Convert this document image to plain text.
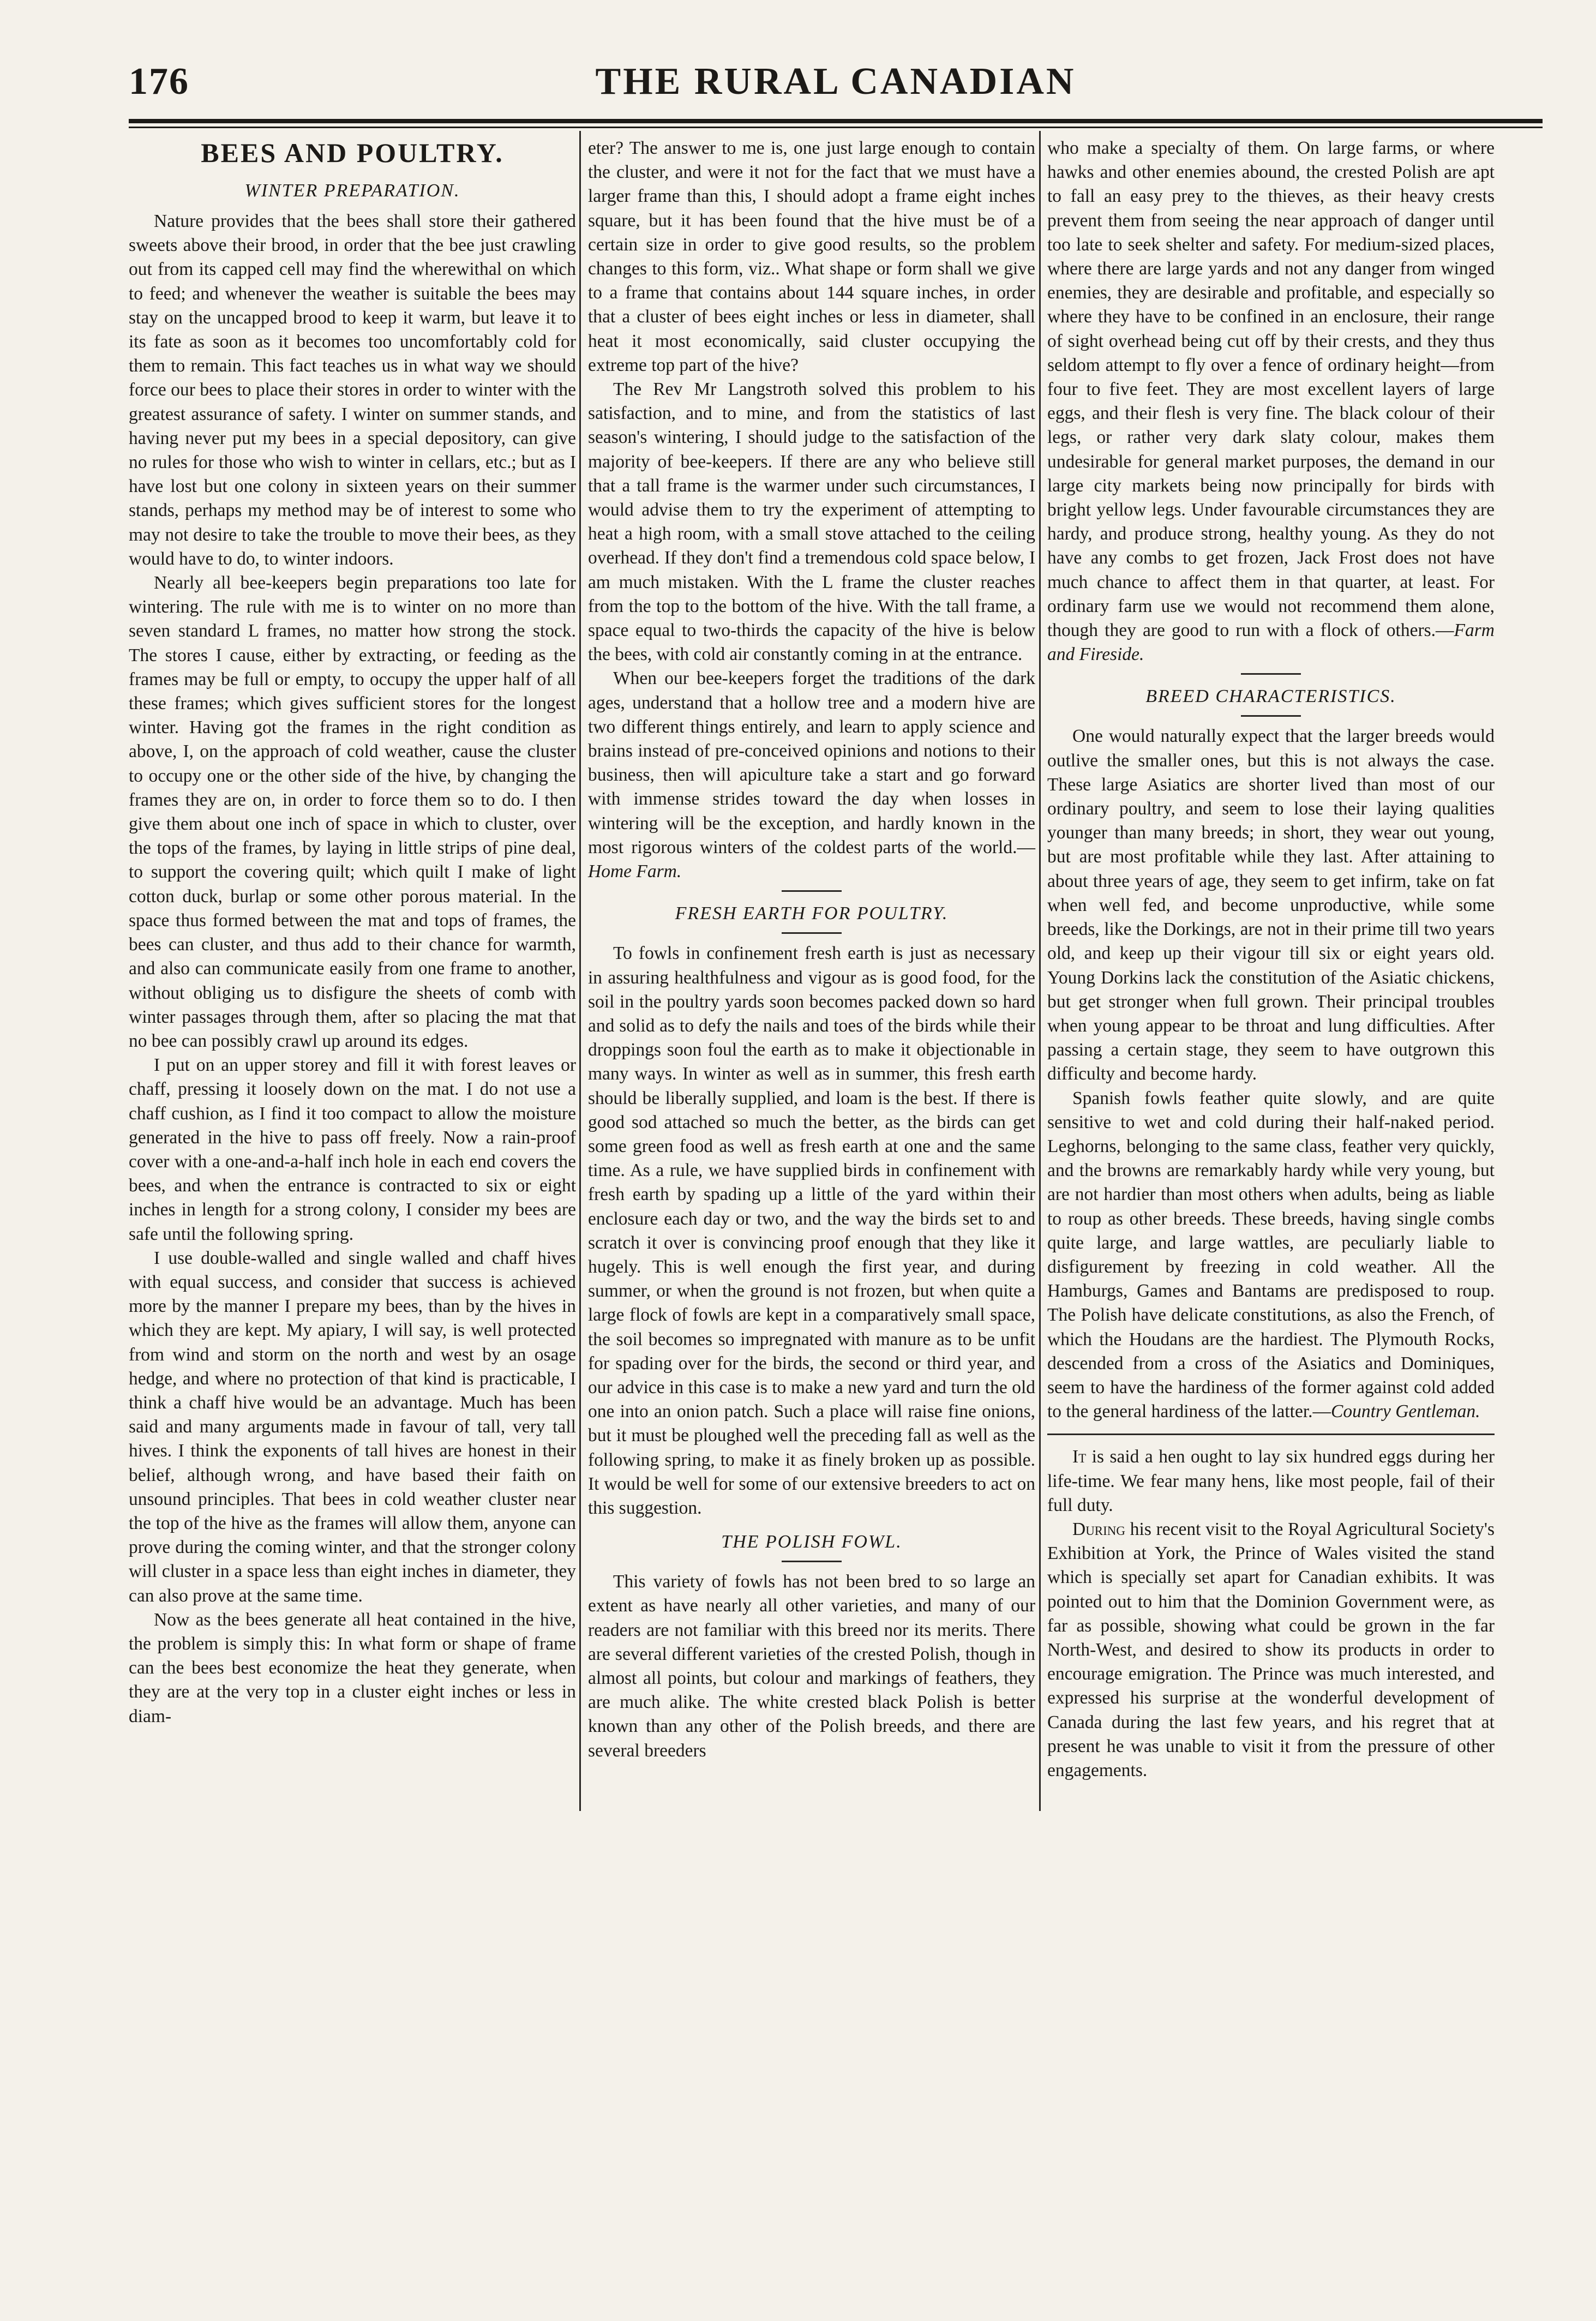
176	THE RURAL CANADIAN
BEES AND POULTRY.
WINTER PREPARATION.

Nature provides that the bees shall store their gathered sweets above their brood, in order that the bee just crawling out from its capped cell may find the wherewithal on which to feed; and whenever the weather is suitable the bees may stay on the uncapped brood to keep it warm, but leave it to its fate as soon as it becomes too uncomfortably cold for them to remain. This fact teaches us in what way we should force our bees to place their stores in order to winter with the greatest assurance of safety. I winter on summer stands, and having never put my bees in a special depository, can give no rules for those who wish to winter in cellars, etc.; but as I have lost but one colony in sixteen years on their summer stands, perhaps my method may be of interest to some who may not desire to take the trouble to move their bees, as they would have to do, to winter indoors.

Nearly all bee-keepers begin preparations too late for wintering. The rule with me is to winter on no more than seven standard L frames, no matter how strong the stock. The stores I cause, either by extracting, or feeding as the frames may be full or empty, to occupy the upper half of all these frames; which gives sufficient stores for the longest winter. Having got the frames in the right condition as above, I, on the approach of cold weather, cause the cluster to occupy one or the other side of the hive, by changing the frames they are on, in order to force them so to do. I then give them about one inch of space in which to cluster, over the tops of the frames, by laying in little strips of pine deal, to support the covering quilt; which quilt I make of light cotton duck, burlap or some other porous material. In the space thus formed between the mat and tops of frames, the bees can cluster, and thus add to their chance for warmth, and also can communicate easily from one frame to another, without obliging us to disfigure the sheets of comb with winter passages through them, after so placing the mat that no bee can possibly crawl up around its edges.

I put on an upper storey and fill it with forest leaves or chaff, pressing it loosely down on the mat. I do not use a chaff cushion, as I find it too compact to allow the moisture generated in the hive to pass off freely. Now a rain-proof cover with a one-and-a-half inch hole in each end covers the bees, and when the entrance is contracted to six or eight inches in length for a strong colony, I consider my bees are safe until the following spring.

I use double-walled and single walled and chaff hives with equal success, and consider that success is achieved more by the manner I prepare my bees, than by the hives in which they are kept. My apiary, I will say, is well protected from wind and storm on the north and west by an osage hedge, and where no protection of that kind is practicable, I think a chaff hive would be an advantage. Much has been said and many arguments made in favour of tall, very tall hives. I think the exponents of tall hives are honest in their belief, although wrong, and have based their faith on unsound principles. That bees in cold weather cluster near the top of the hive as the frames will allow them, anyone can prove during the coming winter, and that the stronger colony will cluster in a space less than eight inches in diameter, they can also prove at the same time.

Now as the bees generate all heat contained in the hive, the problem is simply this: In what form or shape of frame can the bees best economize the heat they generate, when they are at the very top in a cluster eight inches or less in diam-

eter? The answer to me is, one just large enough to contain the cluster, and were it not for the fact that we must have a larger frame than this, I should adopt a frame eight inches square, but it has been found that the hive must be of a certain size in order to give good results, so the problem changes to this form, viz.. What shape or form shall we give to a frame that contains about 144 square inches, in order that a cluster of bees eight inches or less in diameter, shall heat it most economically, said cluster occupying the extreme top part of the hive?

The Rev Mr Langstroth solved this problem to his satisfaction, and to mine, and from the statistics of last season's wintering, I should judge to the satisfaction of the majority of bee-keepers. If there are any who believe still that a tall frame is the warmer under such circumstances, I would advise them to try the experiment of attempting to heat a high room, with a small stove attached to the ceiling overhead. If they don't find a tremendous cold space below, I am much mistaken. With the L frame the cluster reaches from the top to the bottom of the hive. With the tall frame, a space equal to two-thirds the capacity of the hive is below the bees, with cold air constantly coming in at the entrance.

When our bee-keepers forget the traditions of the dark ages, understand that a hollow tree and a modern hive are two different things entirely, and learn to apply science and brains instead of pre-conceived opinions and notions to their business, then will apiculture take a start and go forward with immense strides toward the day when losses in wintering will be the exception, and hardly known in the most rigorous winters of the coldest parts of the world.—Home Farm.

FRESH EARTH FOR POULTRY.

To fowls in confinement fresh earth is just as necessary in assuring healthfulness and vigour as is good food, for the soil in the poultry yards soon becomes packed down so hard and solid as to defy the nails and toes of the birds while their droppings soon foul the earth as to make it objectionable in many ways. In winter as well as in summer, this fresh earth should be liberally supplied, and loam is the best. If there is good sod attached so much the better, as the birds can get some green food as well as fresh earth at one and the same time. As a rule, we have supplied birds in confinement with fresh earth by spading up a little of the yard within their enclosure each day or two, and the way the birds set to and scratch it over is convincing proof enough that they like it hugely. This is well enough the first year, and during summer, or when the ground is not frozen, but when quite a large flock of fowls are kept in a comparatively small space, the soil becomes so impregnated with manure as to be unfit for spading over for the birds, the second or third year, and our advice in this case is to make a new yard and turn the old one into an onion patch. Such a place will raise fine onions, but it must be ploughed well the preceding fall as well as the following spring, to make it as finely broken up as possible. It would be well for some of our extensive breeders to act on this suggestion.

THE POLISH FOWL.

This variety of fowls has not been bred to so large an extent as have nearly all other varieties, and many of our readers are not familiar with this breed nor its merits. There are several different varieties of the crested Polish, though in almost all points, but colour and markings of feathers, they are much alike. The white crested black Polish is better known than any other of the Polish breeds, and there are several breeders

who make a specialty of them. On large farms, or where hawks and other enemies abound, the crested Polish are apt to fall an easy prey to the thieves, as their heavy crests prevent them from seeing the near approach of danger until too late to seek shelter and safety. For medium-sized places, where there are large yards and not any danger from winged enemies, they are desirable and profitable, and especially so where they have to be confined in an enclosure, their range of sight overhead being cut off by their crests, and they thus seldom attempt to fly over a fence of ordinary height—from four to five feet. They are most excellent layers of large eggs, and their flesh is very fine. The black colour of their legs, or rather very dark slaty colour, makes them undesirable for general market purposes, the demand in our large city markets being now principally for birds with bright yellow legs. Under favourable circumstances they are hardy, and produce strong, healthy young. As they do not have any combs to get frozen, Jack Frost does not have much chance to affect them in that quarter, at least. For ordinary farm use we would not recommend them alone, though they are good to run with a flock of others.—Farm and Fireside.

BREED CHARACTERISTICS.

One would naturally expect that the larger breeds would outlive the smaller ones, but this is not always the case. These large Asiatics are shorter lived than most of our ordinary poultry, and seem to lose their laying qualities younger than many breeds; in short, they wear out young, but are most profitable while they last. After attaining to about three years of age, they seem to get infirm, take on fat when well fed, and become unproductive, while some breeds, like the Dorkings, are not in their prime till two years old, and keep up their vigour till six or eight years old. Young Dorkins lack the constitution of the Asiatic chickens, but get stronger when full grown. Their principal troubles when young appear to be throat and lung difficulties. After passing a certain stage, they seem to have outgrown this difficulty and become hardy.

Spanish fowls feather quite slowly, and are quite sensitive to wet and cold during their half-naked period. Leghorns, belonging to the same class, feather very quickly, and the browns are remarkably hardy while very young, but are not hardier than most others when adults, being as liable to roup as other breeds. These breeds, having single combs quite large, and large wattles, are peculiarly liable to disfigurement by freezing in cold weather. All the Hamburgs, Games and Bantams are predisposed to roup. The Polish have delicate constitutions, as also the French, of which the Houdans are the hardiest. The Plymouth Rocks, descended from a cross of the Asiatics and Dominiques, seem to have the hardiness of the former against cold added to the general hardiness of the latter.—Country Gentleman.

It is said a hen ought to lay six hundred eggs during her life-time. We fear many hens, like most people, fail of their full duty.

During his recent visit to the Royal Agricultural Society's Exhibition at York, the Prince of Wales visited the stand which is specially set apart for Canadian exhibits. It was pointed out to him that the Dominion Government were, as far as possible, showing what could be grown in the far North-West, and desired to show its products in order to encourage emigration. The Prince was much interested, and expressed his surprise at the wonderful development of Canada during the last few years, and his regret that at present he was unable to visit it from the pressure of other engagements.
